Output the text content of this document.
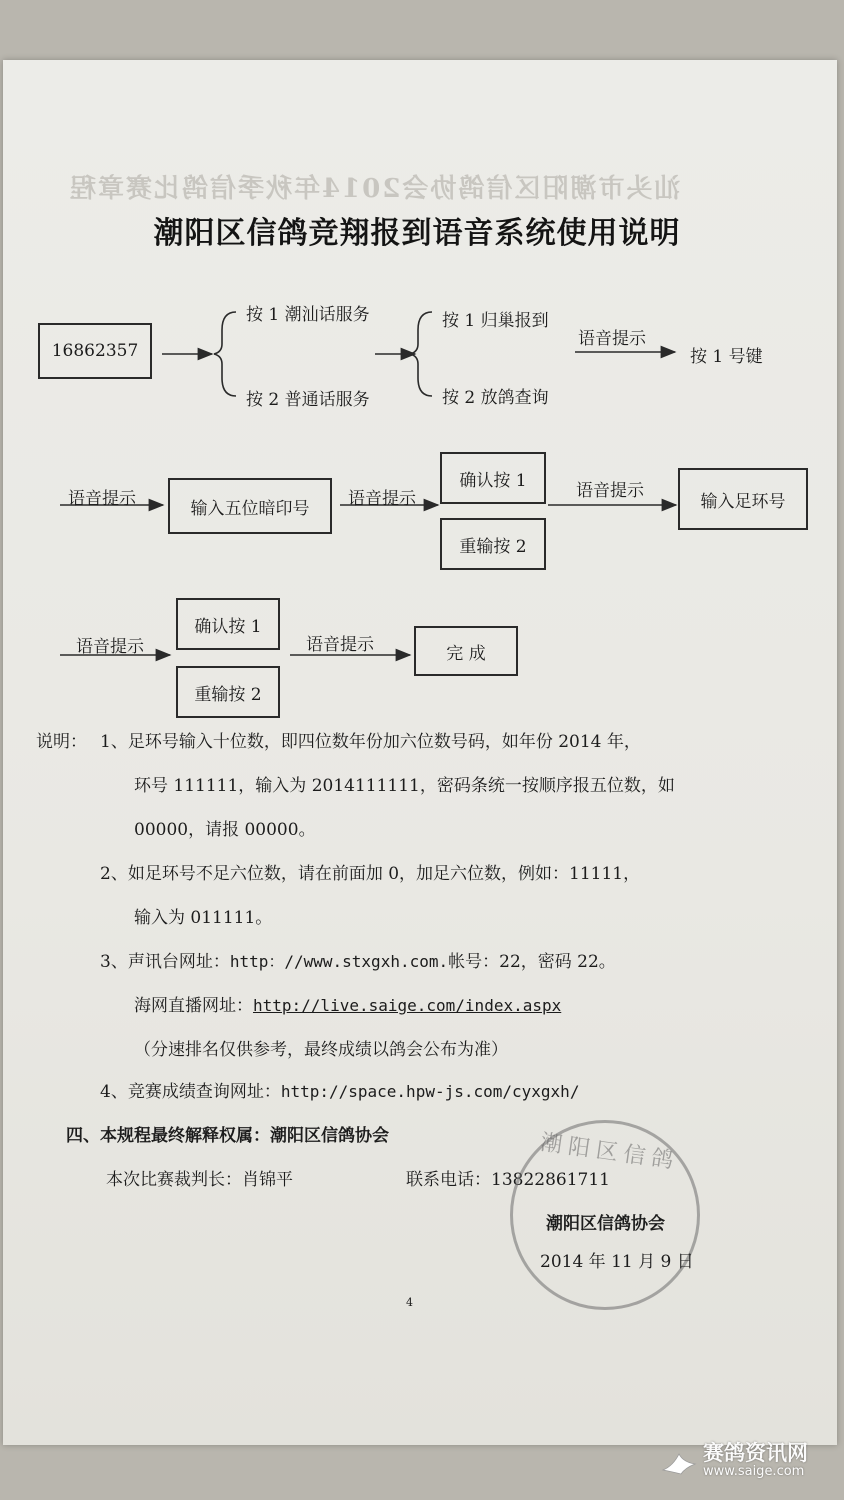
汕头市潮阳区信鸽协会2014年秋季信鸽比赛章程
潮阳区信鸽竞翔报到语音系统使用说明
16862357
按 1 潮汕话服务
按 2 普通话服务
按 1 归巢报到
按 2 放鸽查询
语音提示
按 1 号键
语音提示	输入五位暗印号	语音提示
确认按 1
重输按 2
语音提示
输入足环号
语音提示
确认按 1
重输按 2
语音提示	完 成
说明： 1、足环号输入十位数，即四位数年份加六位数号码，如年份 2014 年，
环号 111111，输入为 2014111111，密码条统一按顺序报五位数，如
00000，请报 00000。
2、如足环号不足六位数，请在前面加 0，加足六位数，例如：11111，
输入为 011111。
3、声讯台网址：http：//www.stxgxh.com.帐号：22，密码 22。
海网直播网址：http://live.saige.com/index.aspx
（分速排名仅供参考，最终成绩以鸽会公布为准）
4、竞赛成绩查询网址：http://space.hpw-js.com/cyxgxh/
四、本规程最终解释权属：潮阳区信鸽协会
本次比赛裁判长：肖锦平	联系电话：13822861711
潮阳区信鸽
潮阳区信鸽协会
2014 年 11 月 9 日
4
赛鸽资讯网
www.saige.com
